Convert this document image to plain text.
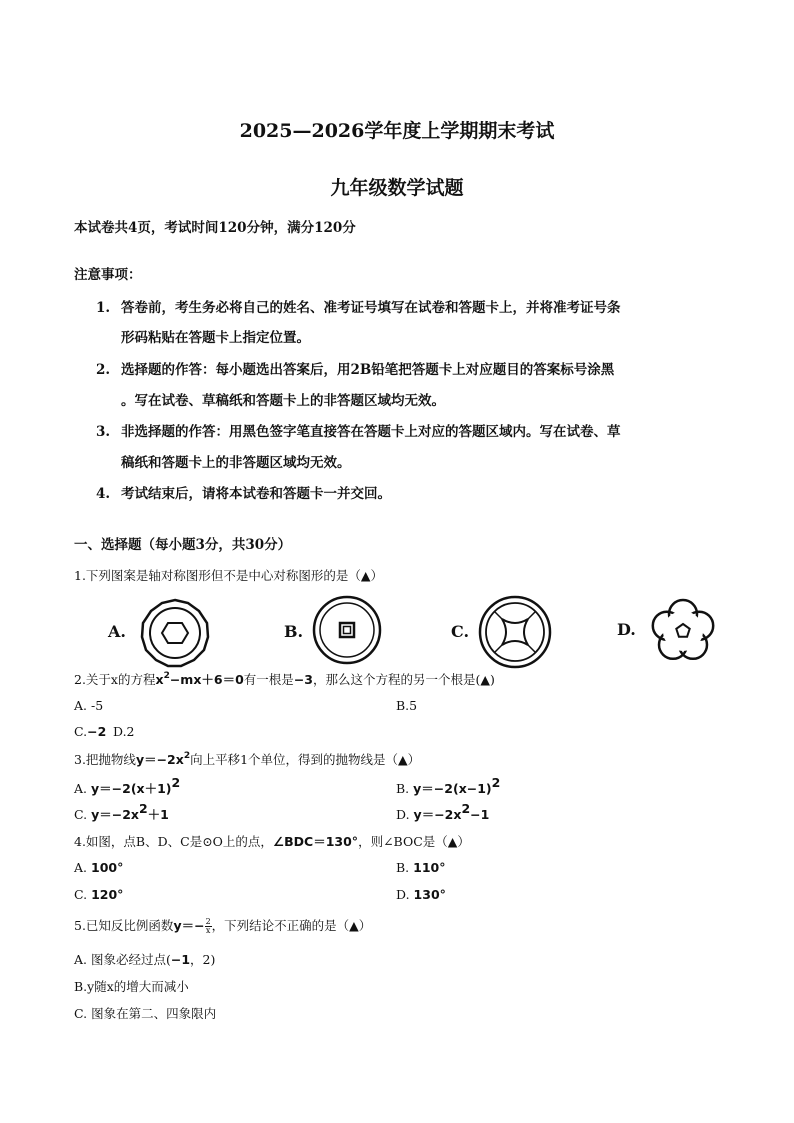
2025—2026学年度上学期期末考试
九年级数学试题
本试卷共4页，考试时间120分钟，满分120分
注意事项：
1. 答卷前，考生务必将自己的姓名、准考证号填写在试卷和答题卡上，并将准考证号条
形码粘贴在答题卡上指定位置。
2. 选择题的作答：每小题选出答案后，用2B铅笔把答题卡上对应题目的答案标号涂黑
。写在试卷、草稿纸和答题卡上的非答题区域均无效。
3. 非选择题的作答：用黑色签字笔直接答在答题卡上对应的答题区域内。写在试卷、草
稿纸和答题卡上的非答题区域均无效。
4. 考试结束后，请将本试卷和答题卡一并交回。
一、选择题（每小题3分，共30分）
1.下列图案是轴对称图形但不是中心对称图形的是（▲）
A.	B.	C.	D.
2.关于x的方程$x^2-mx+6=0$有一根是−3，那么这个方程的另一个根是(▲)
A. -5	B.5
C.−2 D.2
3.把抛物线$y=-2x^2$向上平移1个单位，得到的抛物线是（▲）
A. $y=-2(x+1)^2$	B. $y=-2(x-1)^2$
C. $y=-2x^2+1$	D. $y=-2x^2-1$
4.如图，点B、D、C是⊙O上的点，∠BDC＝130°，则∠BOC是（▲）
A. 100°	B. 110°
C. 120°	D. 130°
5.已知反比例函数$y=- \frac{2}{x}$ ，下列结论不正确的是（▲）
A. 图象必经过点(−1，2)
B.y随x的增大而减小
C. 图象在第二、四象限内
